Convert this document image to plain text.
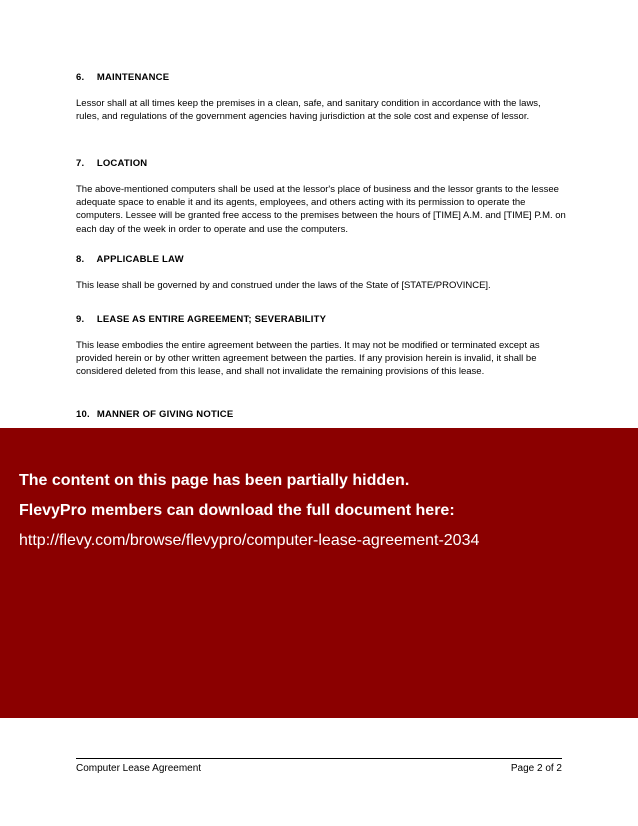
6. MAINTENANCE

Lessor shall at all times keep the premises in a clean, safe, and sanitary condition in accordance with the laws, rules, and regulations of the government agencies having jurisdiction at the sole cost and expense of lessor.

7. LOCATION

The above-mentioned computers shall be used at the lessor's place of business and the lessor grants to the lessee adequate space to enable it and its agents, employees, and others acting with its permission to operate the computers. Lessee will be granted free access to the premises between the hours of [TIME] A.M. and [TIME] P.M. on each day of the week in order to operate and use the computers.

8. APPLICABLE LAW

This lease shall be governed by and construed under the laws of the State of [STATE/PROVINCE].

9. LEASE AS ENTIRE AGREEMENT; SEVERABILITY

This lease embodies the entire agreement between the parties. It may not be modified or terminated except as provided herein or by other written agreement between the parties. If any provision herein is invalid, it shall be considered deleted from this lease, and shall not invalidate the remaining provisions of this lease.

10. MANNER OF GIVING NOTICE

The content on this page has been partially hidden.
FlevyPro members can download the full document here:
http://flevy.com/browse/flevypro/computer-lease-agreement-2034
Computer Lease Agreement	Page 2 of 2
